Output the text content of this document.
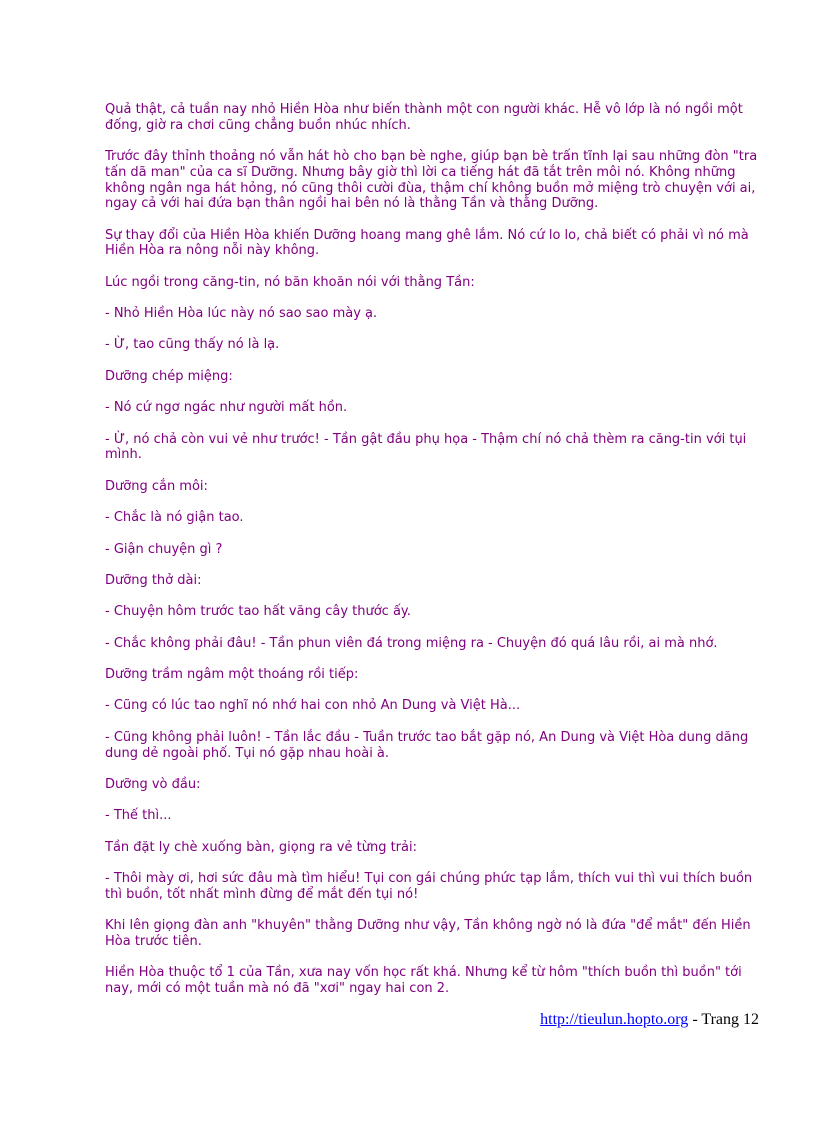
Quả thật, cả tuần nay nhỏ Hiền Hòa như biến thành một con người khác. Hễ vô lớp là nó ngồi một đống, giờ ra chơi cũng chẳng buồn nhúc nhích.

Trước đây thỉnh thoảng nó vẫn hát hò cho bạn bè nghe, giúp bạn bè trấn tĩnh lại sau những đòn "tra tấn dã man" của ca sĩ Dưỡng. Nhưng bây giờ thì lời ca tiếng hát đã tắt trên môi nó. Không những không ngân nga hát hỏng, nó cũng thôi cười đùa, thậm chí không buồn mở miệng trò chuyện với ai, ngay cả với hai đứa bạn thân ngồi hai bên nó là thằng Tần và thằng Dưỡng.

Sự thay đổi của Hiền Hòa khiến Dưỡng hoang mang ghê lắm. Nó cứ lo lo, chả biết có phải vì nó mà Hiền Hòa ra nông nỗi này không.

Lúc ngồi trong căng-tin, nó băn khoăn nói với thằng Tần:

- Nhỏ Hiền Hòa lúc này nó sao sao mày ạ.

- Ừ, tao cũng thấy nó là lạ.

Dưỡng chép miệng:

- Nó cứ ngơ ngác như người mất hồn.

- Ừ, nó chả còn vui vẻ như trước! - Tần gật đầu phụ họa - Thậm chí nó chả thèm ra căng-tin với tụi mình.

Dưỡng cắn môi:

- Chắc là nó giận tao.

- Giận chuyện gì ?

Dưỡng thở dài:

- Chuyện hôm trước tao hất văng cây thước ấy.

- Chắc không phải đâu! - Tần phun viên đá trong miệng ra - Chuyện đó quá lâu rồi, ai mà nhớ.

Dưỡng trầm ngâm một thoáng rồi tiếp:

- Cũng có lúc tao nghĩ nó nhớ hai con nhỏ An Dung và Việt Hà...

- Cũng không phải luôn! - Tần lắc đầu - Tuần trước tao bắt gặp nó, An Dung và Việt Hòa dung dăng dung dẻ ngoài phố. Tụi nó gặp nhau hoài à.

Dưỡng vò đầu:

- Thế thì...

Tần đặt ly chè xuống bàn, giọng ra vẻ từng trải:

- Thôi mày ơi, hơi sức đâu mà tìm hiểu! Tụi con gái chúng phức tạp lắm, thích vui thì vui thích buồn thì buồn, tốt nhất mình đừng để mắt đến tụi nó!

Khi lên giọng đàn anh "khuyên" thằng Dưỡng như vậy, Tần không ngờ nó là đứa "để mắt" đến Hiền Hòa trước tiên.

Hiền Hòa thuộc tổ 1 của Tần, xưa nay vốn học rất khá. Nhưng kể từ hôm "thích buồn thì buồn" tới nay, mới có một tuần mà nó đã "xơi" ngay hai con 2.

http://tieulun.hopto.org - Trang 12
